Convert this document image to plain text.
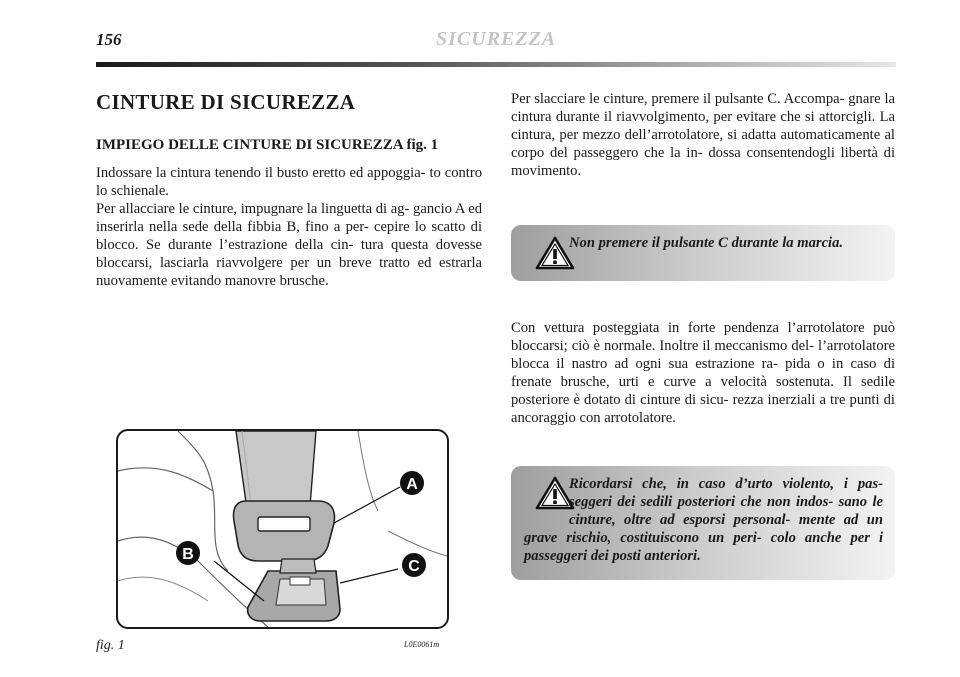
156	SICUREZZA
CINTURE DI SICUREZZA
IMPIEGO DELLE CINTURE DI SICUREZZA fig. 1

Indossare la cintura tenendo il busto eretto ed appoggia- to contro lo schienale.

Per allacciare le cinture, impugnare la linguetta di ag- gancio A ed inserirla nella sede della fibbia B, fino a per- cepire lo scatto di blocco. Se durante l’estrazione della cin- tura questa dovesse bloccarsi, lasciarla riavvolgere per un breve tratto ed estrarla nuovamente evitando manovre brusche.

Per slacciare le cinture, premere il pulsante C. Accompa- gnare la cintura durante il riavvolgimento, per evitare che si attorcigli. La cintura, per mezzo dell’arrotolatore, si adatta automaticamente al corpo del passeggero che la in- dossa consentendogli libertà di movimento.

Non premere il pulsante C durante la marcia.

Con vettura posteggiata in forte pendenza l’arrotolatore può bloccarsi; ciò è normale. Inoltre il meccanismo del- l’arrotolatore blocca il nastro ad ogni sua estrazione ra- pida o in caso di frenate brusche, urti e curve a velocità sostenuta. Il sedile posteriore è dotato di cinture di sicu- rezza inerziali a tre punti di ancoraggio con arrotolatore.

Ricordarsi che, in caso d’urto violento, i pas- seggeri dei sedili posteriori che non indos- sano le cinture, oltre ad esporsi personal- mente ad un grave rischio, costituiscono un peri- colo anche per i passeggeri dei posti anteriori.
A
B
C
fig. 1	L0E0061m
